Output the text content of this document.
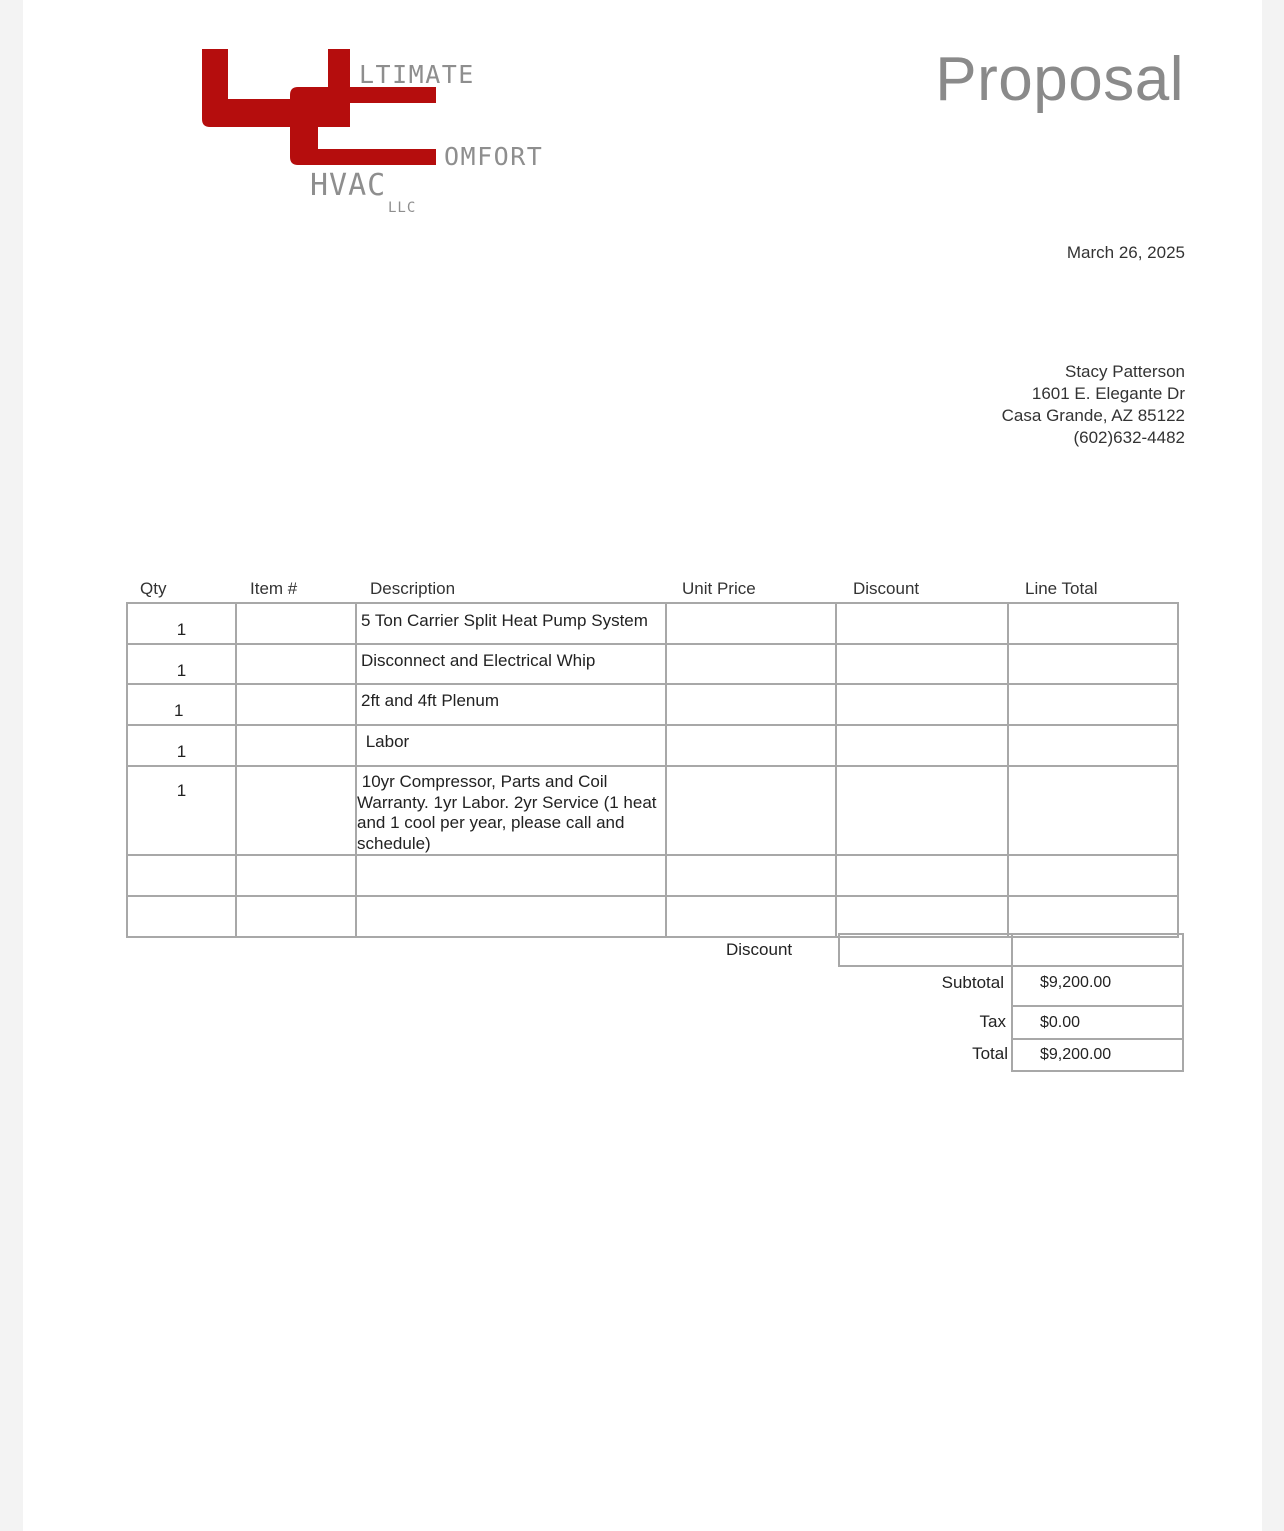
LTIMATE
OMFORT
HVAC
LLC
Proposal
March 26, 2025
Stacy Patterson
1601 E. Elegante Dr
Casa Grande, AZ 85122
(602)632-4482
Qty	Item #	Description	Unit Price	Discount	Line Total
1		5 Ton Carrier Split Heat Pump System			

1		Disconnect and Electrical Whip			

1		2ft and 4ft Plenum			

1		Labor			

1		10yr Compressor, Parts and Coil Warranty. 1yr Labor. 2yr Service (1 heat and 1 cool per year, please call and schedule)			

Discount
Subtotal $9,200.00
Tax $0.00
Total $9,200.00
